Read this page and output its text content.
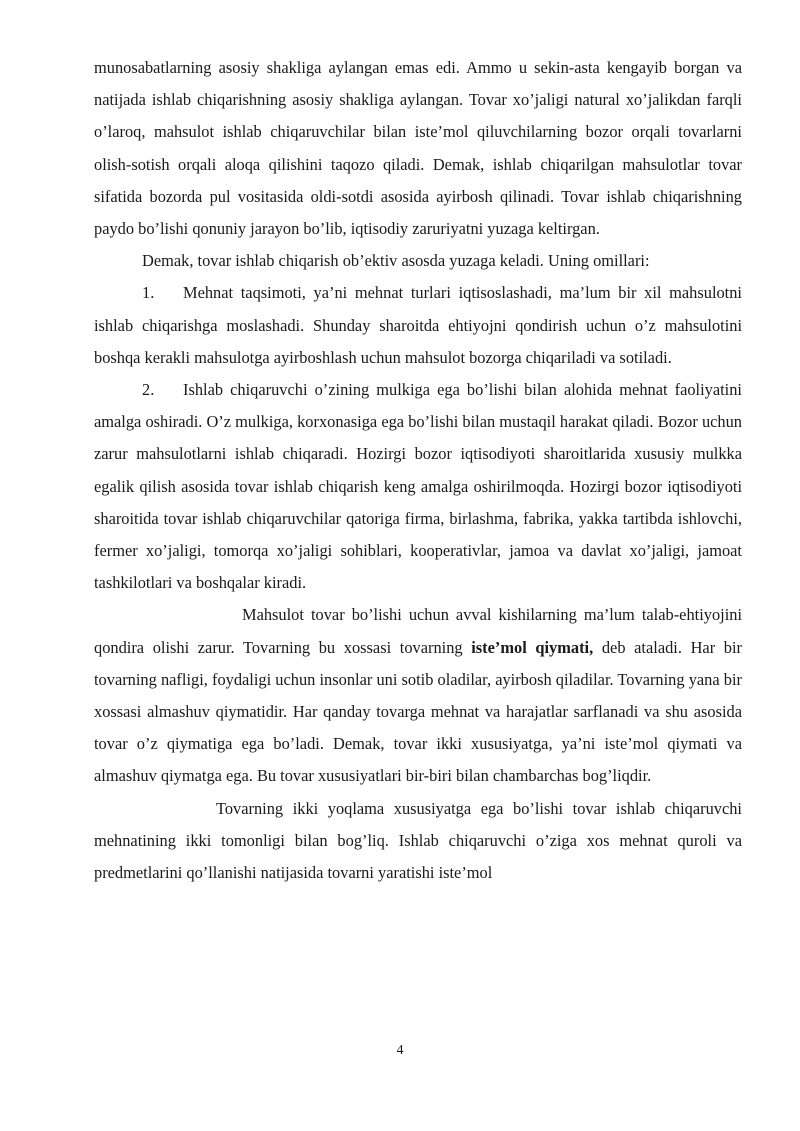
munosabatlarning asosiy shakliga aylangan emas edi. Ammo u sekin-asta kengayib borgan va natijada ishlab chiqarishning asosiy shakliga aylangan. Tovar xo’jaligi natural xo’jalikdan farqli o’laroq, mahsulot ishlab chiqaruvchilar bilan iste’mol qiluvchilarning bozor orqali tovarlarni olish-sotish orqali aloqa qilishini taqozo qiladi. Demak, ishlab chiqarilgan mahsulotlar tovar sifatida bozorda pul vositasida oldi-sotdi asosida ayirbosh qilinadi. Tovar ishlab chiqarishning paydo bo’lishi qonuniy jarayon bo’lib, iqtisodiy zaruriyatni yuzaga keltirgan.

Demak, tovar ishlab chiqarish ob’ektiv asosda yuzaga keladi. Uning omillari:

1. Mehnat taqsimoti, ya’ni mehnat turlari iqtisoslashadi, ma’lum bir xil mahsulotni ishlab chiqarishga moslashadi. Shunday sharoitda ehtiyojni qondirish uchun o’z mahsulotini boshqa kerakli mahsulotga ayirboshlash uchun mahsulot bozorga chiqariladi va sotiladi.

2. Ishlab chiqaruvchi o’zining mulkiga ega bo’lishi bilan alohida mehnat faoliyatini amalga oshiradi. O’z mulkiga, korxonasiga ega bo’lishi bilan mustaqil harakat qiladi. Bozor uchun zarur mahsulotlarni ishlab chiqaradi. Hozirgi bozor iqtisodiyoti sharoitlarida xususiy mulkka egalik qilish asosida tovar ishlab chiqarish keng amalga oshirilmoqda. Hozirgi bozor iqtisodiyoti sharoitida tovar ishlab chiqaruvchilar qatoriga firma, birlashma, fabrika, yakka tartibda ishlovchi, fermer xo’jaligi, tomorqa xo’jaligi sohiblari, kooperativlar, jamoa va davlat xo’jaligi, jamoat tashkilotlari va boshqalar kiradi.

Mahsulot tovar bo’lishi uchun avval kishilarning ma’lum talab-ehtiyojini qondira olishi zarur. Tovarning bu xossasi tovarning iste’mol qiymati, deb ataladi. Har bir tovarning nafligi, foydaligi uchun insonlar uni sotib oladilar, ayirbosh qiladilar. Tovarning yana bir xossasi almashuv qiymatidir. Har qanday tovarga mehnat va harajatlar sarflanadi va shu asosida tovar o’z qiymatiga ega bo’ladi. Demak, tovar ikki xususiyatga, ya’ni iste’mol qiymati va almashuv qiymatga ega. Bu tovar xususiyatlari bir-biri bilan chambarchas bog’liqdir.

Tovarning ikki yoqlama xususiyatga ega bo’lishi tovar ishlab chiqaruvchi mehnatining ikki tomonligi bilan bog’liq. Ishlab chiqaruvchi o’ziga xos mehnat quroli va predmetlarini qo’llanishi natijasida tovarni yaratishi iste’mol

4
